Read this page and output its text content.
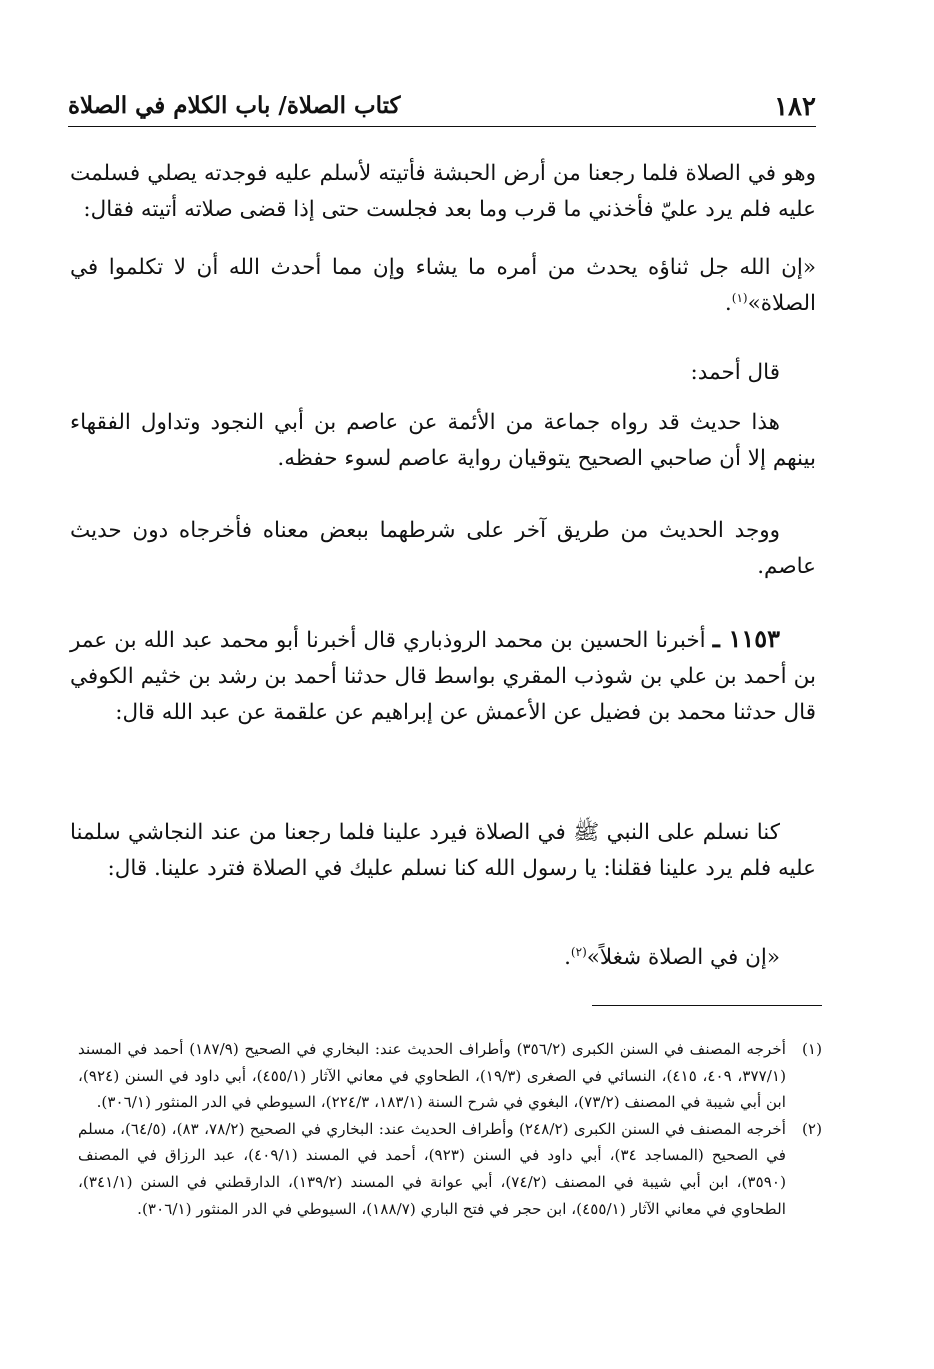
١٨٢
كتاب الصلاة/ باب الكلام في الصلاة

وهو في الصلاة فلما رجعنا من أرض الحبشة فأتيته لأسلم عليه فوجدته يصلي فسلمت عليه فلم يرد عليّ فأخذني ما قرب وما بعد فجلست حتى إذا قضى صلاته أتيته فقال:

«إن الله جل ثناؤه يحدث من أمره ما يشاء وإن مما أحدث الله أن لا تكلموا في الصلاة»$^{(١)}$.

قال أحمد:

هذا حديث قد رواه جماعة من الأئمة عن عاصم بن أبي النجود وتداول الفقهاء بينهم إلا أن صاحبي الصحيح يتوقيان رواية عاصم لسوء حفظه.

ووجد الحديث من طريق آخر على شرطهما ببعض معناه فأخرجاه دون حديث عاصم.

١١٥٣ ـ أخبرنا الحسين بن محمد الروذباري قال أخبرنا أبو محمد عبد الله بن عمر بن أحمد بن علي بن شوذب المقري بواسط قال حدثنا أحمد بن رشد بن خثيم الكوفي قال حدثنا محمد بن فضيل عن الأعمش عن إبراهيم عن علقمة عن عبد الله قال:

كنا نسلم على النبي ﷺ في الصلاة فيرد علينا فلما رجعنا من عند النجاشي سلمنا عليه فلم يرد علينا فقلنا: يا رسول الله كنا نسلم عليك في الصلاة فترد علينا. قال:

«إن في الصلاة شغلاً»$^{(٢)}$.

(١)
أخرجه المصنف في السنن الكبرى (٣٥٦/٢) وأطراف الحديث عند: البخاري في الصحيح (١٨٧/٩) أحمد في المسند (٣٧٧/١، ٤٠٩، ٤١٥)، النسائي في الصغرى (١٩/٣)، الطحاوي في معاني الآثار (٤٥٥/١)، أبي داود في السنن (٩٢٤)، ابن أبي شيبة في المصنف (٧٣/٢)، البغوي في شرح السنة (١٨٣/١، ٢٢٤/٣)، السيوطي في الدر المنثور (٣٠٦/١).

(٢)
أخرجه المصنف في السنن الكبرى (٢٤٨/٢) وأطراف الحديث عند: البخاري في الصحيح (٧٨/٢، ٨٣)، (٦٤/٥)، مسلم في الصحيح (المساجد ٣٤)، أبي داود في السنن (٩٢٣)، أحمد في المسند (٤٠٩/١)، عبد الرزاق في المصنف (٣٥٩٠)، ابن أبي شيبة في المصنف (٧٤/٢)، أبي عوانة في المسند (١٣٩/٢)، الدارقطني في السنن (٣٤١/١)، الطحاوي في معاني الآثار (٤٥٥/١)، ابن حجر في فتح الباري (١٨٨/٧)، السيوطي في الدر المنثور (٣٠٦/١).
